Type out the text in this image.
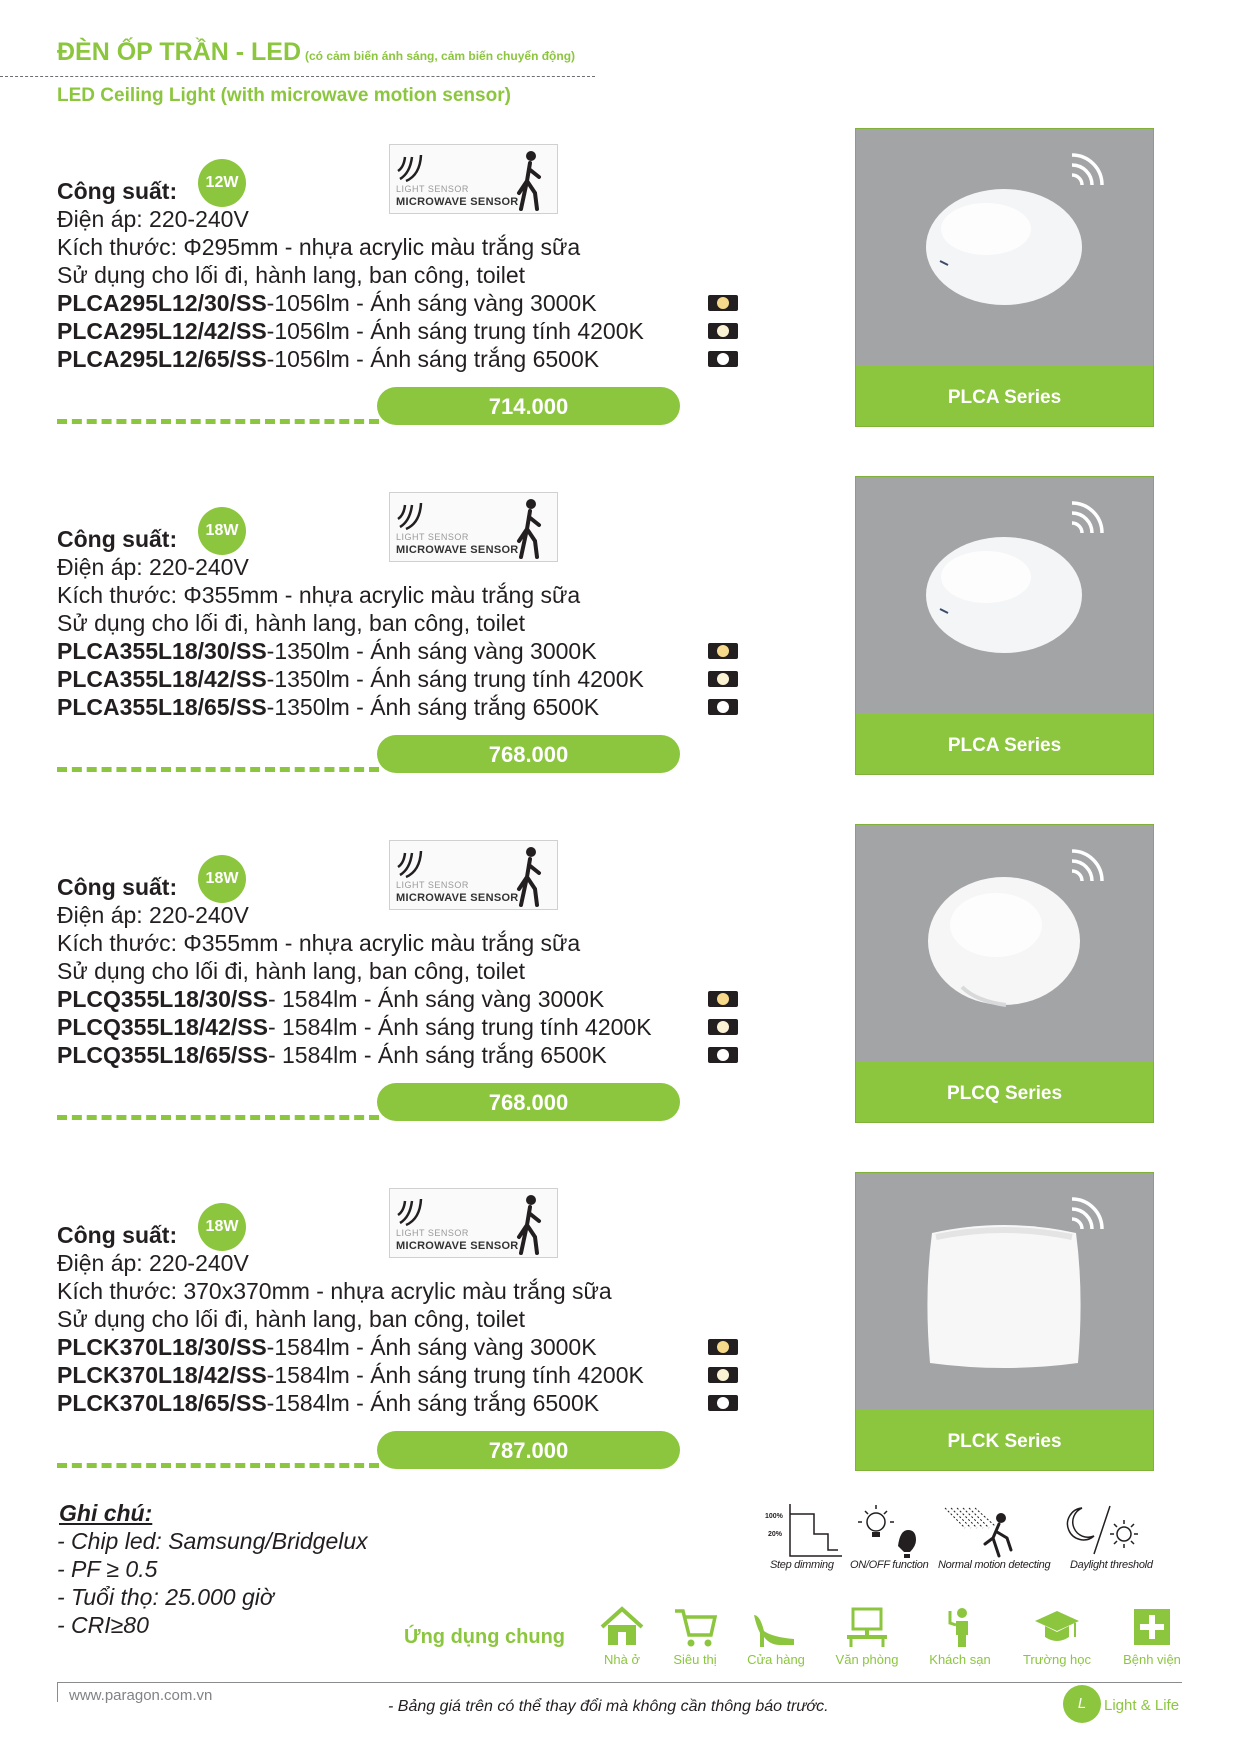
ĐÈN ỐP TRẦN - LED (có cảm biến ánh sáng, cảm biến chuyển động)
LED Ceiling Light (with microwave motion sensor)
Công suất:	12W	LIGHT SENSOR
MICROWAVE SENSOR
Điện áp: 220-240V
Kích thước: Φ295mm - nhựa acrylic màu trắng sữa
Sử dụng cho lối đi, hành lang, ban công, toilet
PLCA295L12/30/SS-1056lm - Ánh sáng vàng 3000K
PLCA295L12/42/SS-1056lm - Ánh sáng trung tính 4200K
PLCA295L12/65/SS-1056lm - Ánh sáng trắng 6500K
714.000	PLCA Series
Công suất:	18W	LIGHT SENSOR
MICROWAVE SENSOR
Điện áp: 220-240V
Kích thước: Φ355mm - nhựa acrylic màu trắng sữa
Sử dụng cho lối đi, hành lang, ban công, toilet
PLCA355L18/30/SS-1350lm - Ánh sáng vàng 3000K
PLCA355L18/42/SS-1350lm - Ánh sáng trung tính 4200K
PLCA355L18/65/SS-1350lm - Ánh sáng trắng 6500K
768.000	PLCA Series
Công suất:	18W	LIGHT SENSOR
MICROWAVE SENSOR
Điện áp: 220-240V
Kích thước: Φ355mm - nhựa acrylic màu trắng sữa
Sử dụng cho lối đi, hành lang, ban công, toilet
PLCQ355L18/30/SS- 1584lm - Ánh sáng vàng 3000K
PLCQ355L18/42/SS- 1584lm - Ánh sáng trung tính 4200K
PLCQ355L18/65/SS- 1584lm - Ánh sáng trắng 6500K
768.000	PLCQ Series
Công suất:	18W	LIGHT SENSOR
MICROWAVE SENSOR
Điện áp: 220-240V
Kích thước: 370x370mm - nhựa acrylic màu trắng sữa
Sử dụng cho lối đi, hành lang, ban công, toilet
PLCK370L18/30/SS-1584lm - Ánh sáng vàng 3000K
PLCK370L18/42/SS-1584lm - Ánh sáng trung tính 4200K
PLCK370L18/65/SS-1584lm - Ánh sáng trắng 6500K
787.000	PLCK Series
Ghi chú:
- Chip led: Samsung/Bridgelux
- PF ≥ 0.5
- Tuổi thọ: 25.000 giờ
- CRI≥80
100%
20%
Step dimming ON/OFF function Normal motion detecting Daylight threshold
Ứng dụng chung
Nhà ở	Siêu thị	Cửa hàng	Văn phòng	Khách sạn	Trường học	Bệnh viện
www.paragon.com.vn
- Bảng giá trên có thể thay đổi mà không cần thông báo trước.	L	Light & Life
